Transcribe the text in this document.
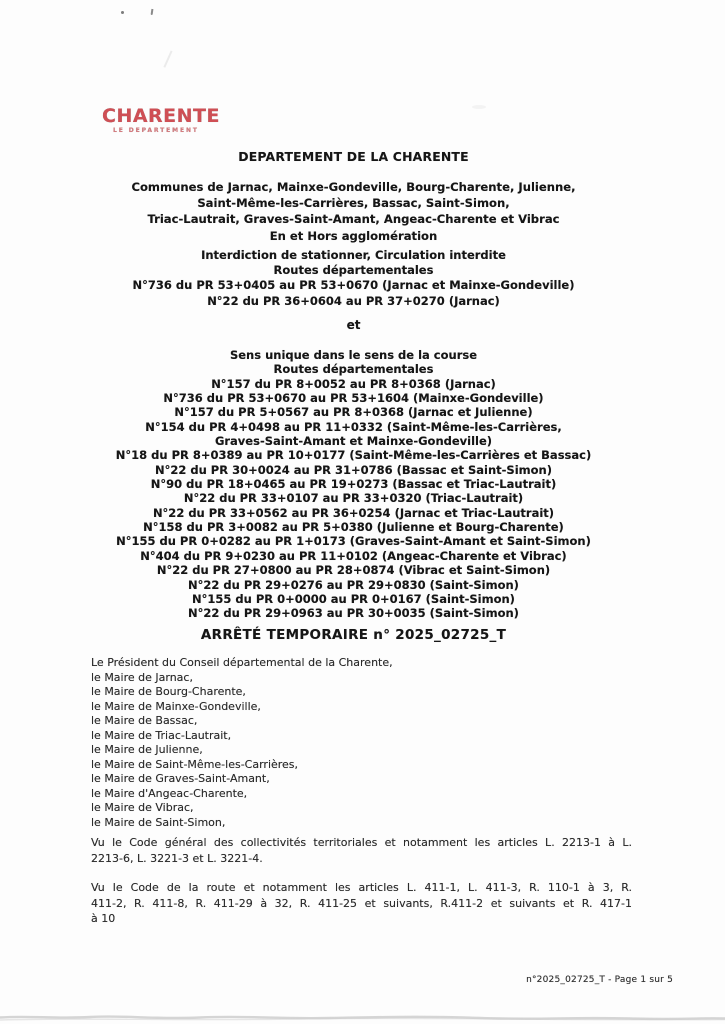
CHARENTE
LE DEPARTEMENT
DEPARTEMENT DE LA CHARENTE
Communes de Jarnac, Mainxe-Gondeville, Bourg-Charente, Julienne,
Saint-Même-les-Carrières, Bassac, Saint-Simon,
Triac-Lautrait, Graves-Saint-Amant, Angeac-Charente et Vibrac
En et Hors agglomération
Interdiction de stationner, Circulation interdite
Routes départementales
N°736 du PR 53+0405 au PR 53+0670 (Jarnac et Mainxe-Gondeville)
N°22 du PR 36+0604 au PR 37+0270 (Jarnac)
et
Sens unique dans le sens de la course
Routes départementales
N°157 du PR 8+0052 au PR 8+0368 (Jarnac)
N°736 du PR 53+0670 au PR 53+1604 (Mainxe-Gondeville)
N°157 du PR 5+0567 au PR 8+0368 (Jarnac et Julienne)
N°154 du PR 4+0498 au PR 11+0332 (Saint-Même-les-Carrières,
Graves-Saint-Amant et Mainxe-Gondeville)
N°18 du PR 8+0389 au PR 10+0177 (Saint-Même-les-Carrières et Bassac)
N°22 du PR 30+0024 au PR 31+0786 (Bassac et Saint-Simon)
N°90 du PR 18+0465 au PR 19+0273 (Bassac et Triac-Lautrait)
N°22 du PR 33+0107 au PR 33+0320 (Triac-Lautrait)
N°22 du PR 33+0562 au PR 36+0254 (Jarnac et Triac-Lautrait)
N°158 du PR 3+0082 au PR 5+0380 (Julienne et Bourg-Charente)
N°155 du PR 0+0282 au PR 1+0173 (Graves-Saint-Amant et Saint-Simon)
N°404 du PR 9+0230 au PR 11+0102 (Angeac-Charente et Vibrac)
N°22 du PR 27+0800 au PR 28+0874 (Vibrac et Saint-Simon)
N°22 du PR 29+0276 au PR 29+0830 (Saint-Simon)
N°155 du PR 0+0000 au PR 0+0167 (Saint-Simon)
N°22 du PR 29+0963 au PR 30+0035 (Saint-Simon)
ARRÊTÉ TEMPORAIRE n° 2025_02725_T
Le Président du Conseil départemental de la Charente,
le Maire de Jarnac,
le Maire de Bourg-Charente,
le Maire de Mainxe-Gondeville,
le Maire de Bassac,
le Maire de Triac-Lautrait,
le Maire de Julienne,
le Maire de Saint-Même-les-Carrières,
le Maire de Graves-Saint-Amant,
le Maire d'Angeac-Charente,
le Maire de Vibrac,
le Maire de Saint-Simon,
Vu le Code général des collectivités territoriales et notamment les articles L. 2213-1 à L.
2213-6, L. 3221-3 et L. 3221-4.
Vu le Code de la route et notamment les articles L. 411-1, L. 411-3, R. 110-1 à 3, R.
411-2, R. 411-8, R. 411-29 à 32, R. 411-25 et suivants, R.411-2 et suivants et R. 417-1
à 10
n°2025_02725_T - Page 1 sur 5
